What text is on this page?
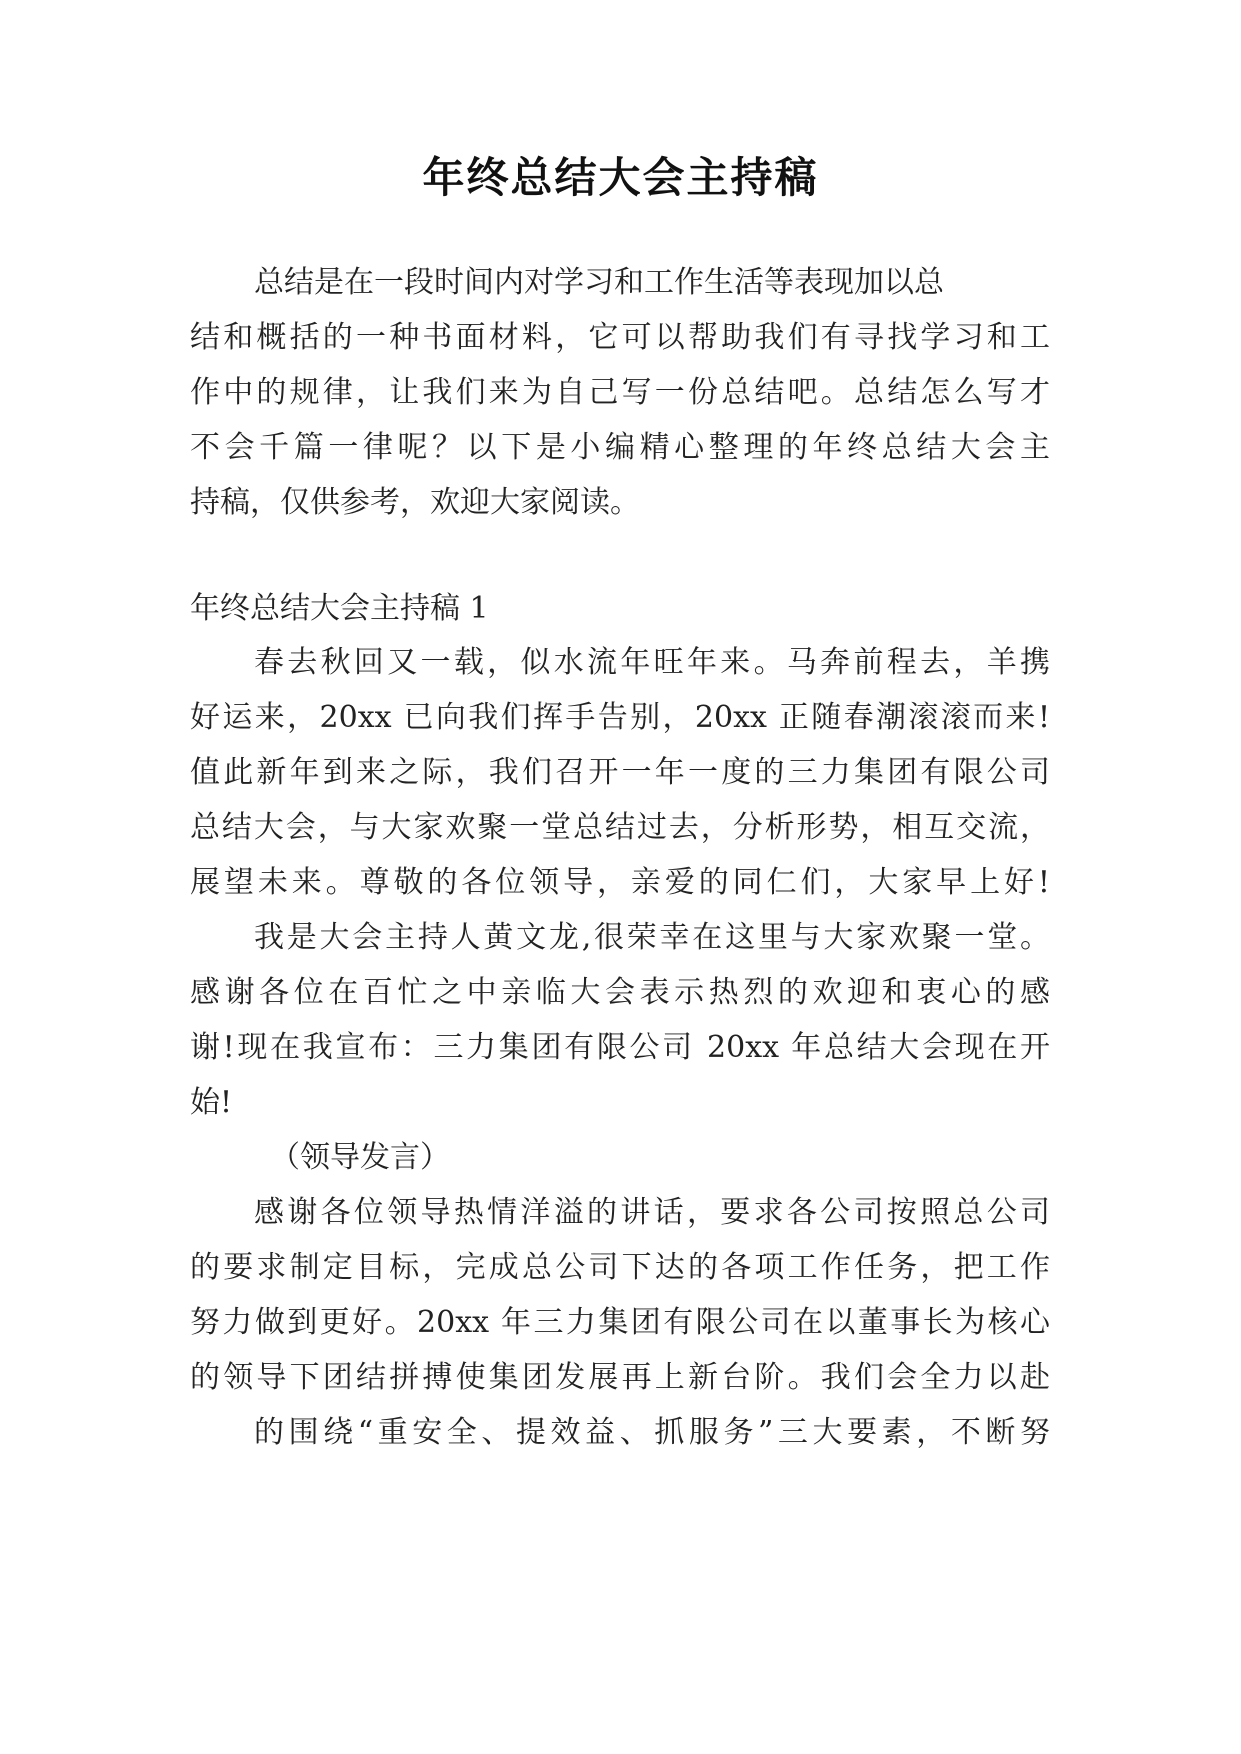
年终总结大会主持稿
总结是在一段时间内对学习和工作生活等表现加以总
结和概括的一种书面材料，它可以帮助我们有寻找学习和工
作中的规律，让我们来为自己写一份总结吧。总结怎么写才
不会千篇一律呢？以下是小编精心整理的年终总结大会主
持稿，仅供参考，欢迎大家阅读。
年终总结大会主持稿 1
春去秋回又一载，似水流年旺年来。马奔前程去，羊携
好运来，20xx 已向我们挥手告别，20xx 正随春潮滚滚而来!
值此新年到来之际，我们召开一年一度的三力集团有限公司
总结大会，与大家欢聚一堂总结过去，分析形势，相互交流，
展望未来。尊敬的各位领导，亲爱的同仁们，大家早上好!
我是大会主持人黄文龙,很荣幸在这里与大家欢聚一堂。
感谢各位在百忙之中亲临大会表示热烈的欢迎和衷心的感
谢!现在我宣布：三力集团有限公司 20xx 年总结大会现在开
始!
（领导发言）
感谢各位领导热情洋溢的讲话，要求各公司按照总公司
的要求制定目标，完成总公司下达的各项工作任务，把工作
努力做到更好。20xx 年三力集团有限公司在以董事长为核心
的领导下团结拼搏使集团发展再上新台阶。我们会全力以赴
的围绕“重安全、提效益、抓服务”三大要素，不断努
